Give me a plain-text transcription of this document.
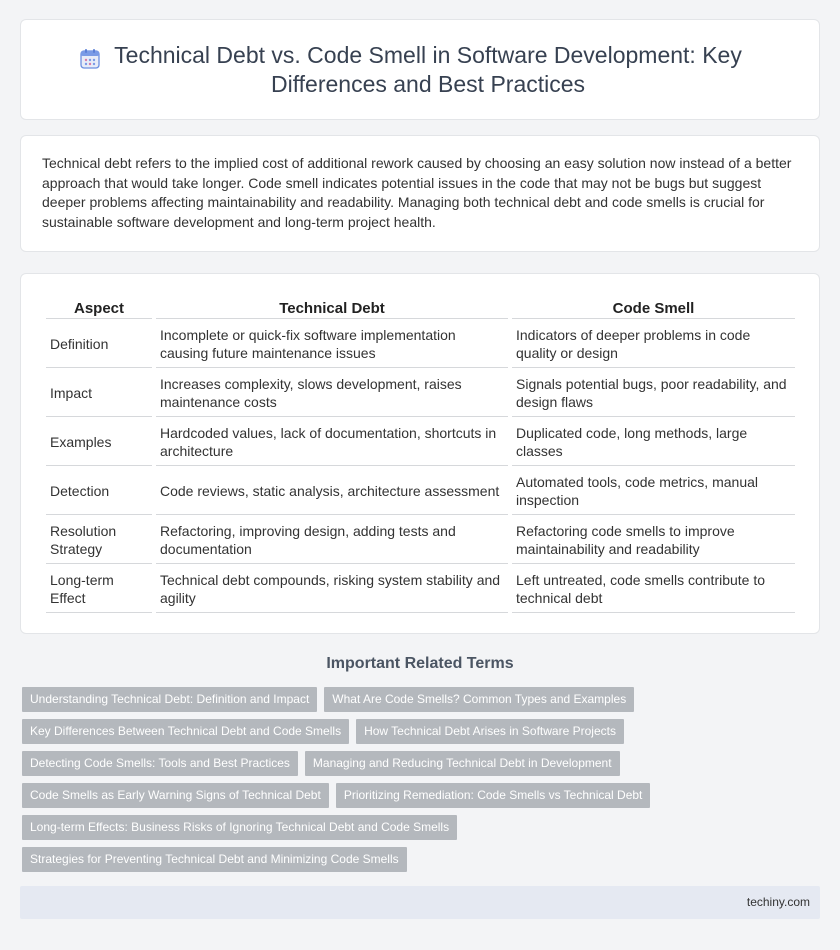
Technical Debt vs. Code Smell in Software Development: Key Differences and Best Practices

Technical debt refers to the implied cost of additional rework caused by choosing an easy solution now instead of a better approach that would take longer. Code smell indicates potential issues in the code that may not be bugs but suggest deeper problems affecting maintainability and readability. Managing both technical debt and code smells is crucial for sustainable software development and long-term project health.

Aspect	Technical Debt	Code Smell
Definition	Incomplete or quick-fix software implementation causing future maintenance issues	Indicators of deeper problems in code quality or design
Impact	Increases complexity, slows development, raises maintenance costs	Signals potential bugs, poor readability, and design flaws
Examples	Hardcoded values, lack of documentation, shortcuts in architecture	Duplicated code, long methods, large classes
Detection	Code reviews, static analysis, architecture assessment	Automated tools, code metrics, manual inspection
Resolution Strategy	Refactoring, improving design, adding tests and documentation	Refactoring code smells to improve maintainability and readability
Long-term Effect	Technical debt compounds, risking system stability and agility	Left untreated, code smells contribute to technical debt
Important Related Terms
Understanding Technical Debt: Definition and Impact	What Are Code Smells? Common Types and Examples
Key Differences Between Technical Debt and Code Smells	How Technical Debt Arises in Software Projects
Detecting Code Smells: Tools and Best Practices	Managing and Reducing Technical Debt in Development
Code Smells as Early Warning Signs of Technical Debt	Prioritizing Remediation: Code Smells vs Technical Debt
Long-term Effects: Business Risks of Ignoring Technical Debt and Code Smells
Strategies for Preventing Technical Debt and Minimizing Code Smells
techiny.com
